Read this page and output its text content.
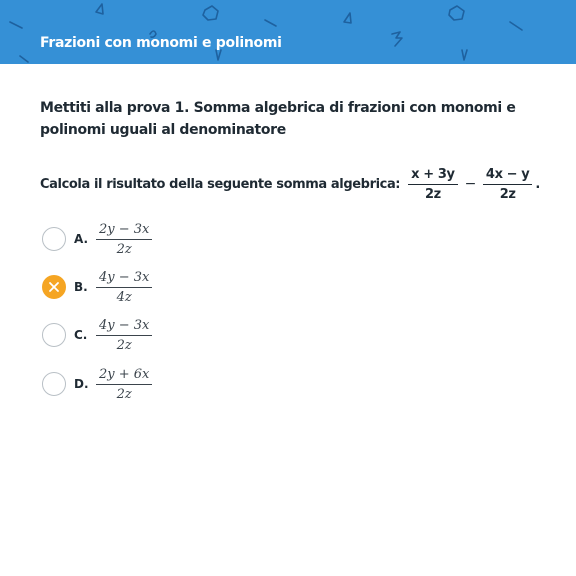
Frazioni con monomi e polinomi
Mettiti alla prova 1. Somma algebrica di frazioni con monomi e polinomi uguali al denominatore
Calcola il risultato della seguente somma algebrica: $\frac{x + 3y}{2z} - \frac{4x - y}{2z}$ .
A. $\frac{2y - 3x}{2z}$
B. $\frac{4y - 3x}{4z}$
C. $\frac{4y - 3x}{2z}$
D. $\frac{2y + 6x}{2z}$
